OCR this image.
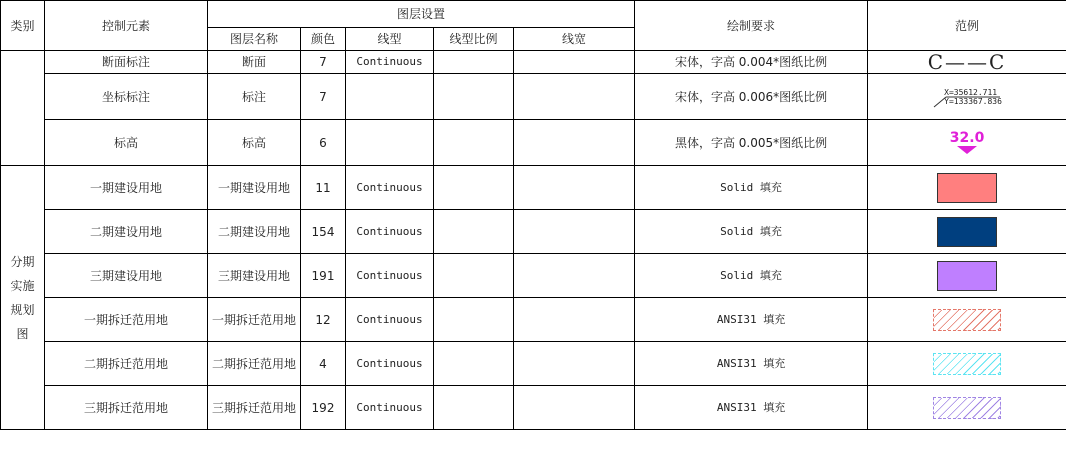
类别	控制元素	图层设置					绘制要求	范例
		图层名称	颜色	线型	线型比例	线宽		
	断面标注	断面	7	Continuous			宋体，字高 0.004*图纸比例	C——C

	坐标标注	标注	7				宋体，字高 0.006*图纸比例	X=35612.711
Y=133367.836

	标高	标高	6				黑体，字高 0.005*图纸比例	32.0

分期实施规划图	一期建设用地	一期建设用地	11	Continuous			Solid 填充	

	二期建设用地	二期建设用地	154	Continuous			Solid 填充	

	三期建设用地	三期建设用地	191	Continuous			Solid 填充	

	一期拆迁范用地	一期拆迁范用地	12	Continuous			ANSI31 填充	

	二期拆迁范用地	二期拆迁范用地	4	Continuous			ANSI31 填充	

	三期拆迁范用地	三期拆迁范用地	192	Continuous			ANSI31 填充	
